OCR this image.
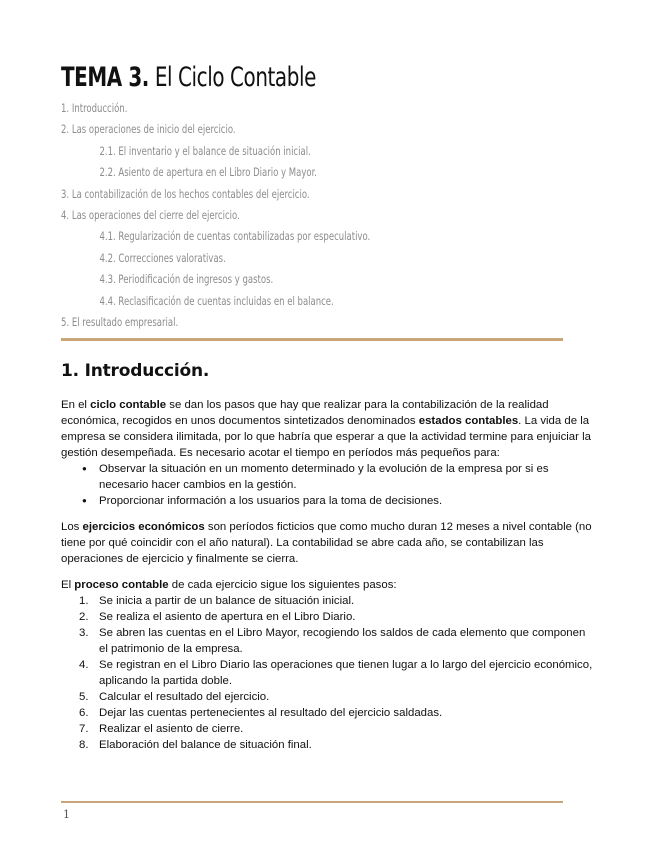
TEMA 3. El Ciclo Contable
1. Introducción.
2. Las operaciones de inicio del ejercicio.
2.1. El inventario y el balance de situación inicial.
2.2. Asiento de apertura en el Libro Diario y Mayor.
3. La contabilización de los hechos contables del ejercicio.
4. Las operaciones del cierre del ejercicio.
4.1. Regularización de cuentas contabilizadas por especulativo.
4.2. Correcciones valorativas.
4.3. Periodificación de ingresos y gastos.
4.4. Reclasificación de cuentas incluidas en el balance.
5. El resultado empresarial.
1. Introducción.

En el ciclo contable se dan los pasos que hay que realizar para la contabilización de la realidad económica, recogidos en unos documentos sintetizados denominados estados contables. La vida de la empresa se considera ilimitada, por lo que habría que esperar a que la actividad termine para enjuiciar la gestión desempeñada. Es necesario acotar el tiempo en períodos más pequeños para:

● Observar la situación en un momento determinado y la evolución de la empresa por si es necesario hacer cambios en la gestión.
● Proporcionar información a los usuarios para la toma de decisiones.

Los ejercicios económicos son períodos ficticios que como mucho duran 12 meses a nivel contable (no tiene por qué coincidir con el año natural). La contabilidad se abre cada año, se contabilizan las operaciones de ejercicio y finalmente se cierra.

El proceso contable de cada ejercicio sigue los siguientes pasos:

1. Se inicia a partir de un balance de situación inicial.
2. Se realiza el asiento de apertura en el Libro Diario.
3. Se abren las cuentas en el Libro Mayor, recogiendo los saldos de cada elemento que componen el patrimonio de la empresa.
4. Se registran en el Libro Diario las operaciones que tienen lugar a lo largo del ejercicio económico, aplicando la partida doble.
5. Calcular el resultado del ejercicio.
6. Dejar las cuentas pertenecientes al resultado del ejercicio saldadas.
7. Realizar el asiento de cierre.
8. Elaboración del balance de situación final.
1
